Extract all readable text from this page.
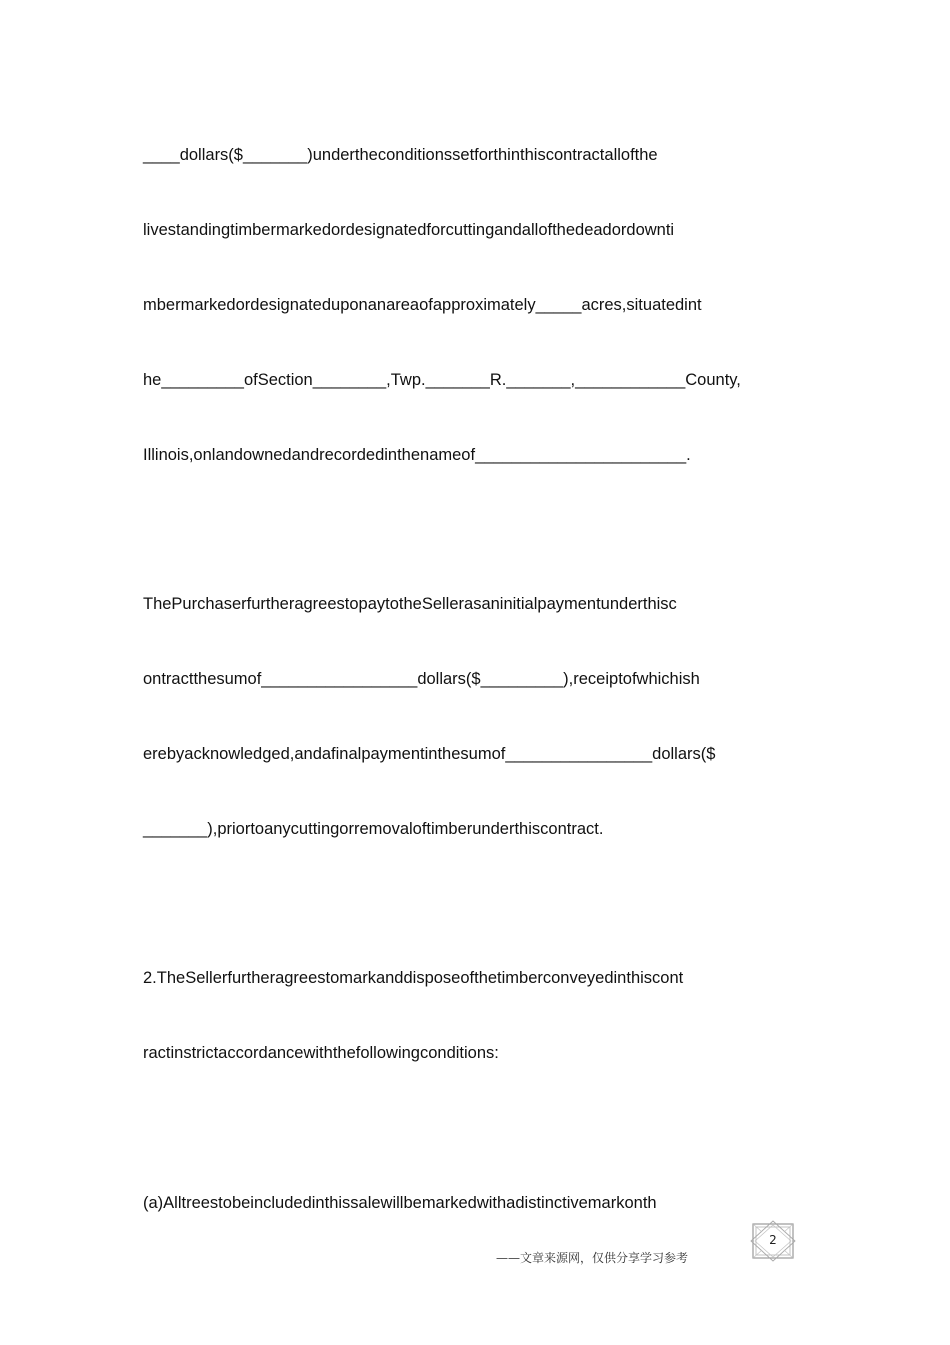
____dollars($_______)undertheconditionssetforthinthiscontractallofthe
livestandingtimbermarkedordesignatedforcuttingandallofthedeadordownti
mbermarkedordesignateduponanareaofapproximately_____acres,situatedint
he_________ofSection________,Twp._______R._______,____________County,
Illinois,onlandownedandrecordedinthenameof_______________________.
ThePurchaserfurtheragreestopaytotheSellerasaninitialpaymentunderthisc
ontractthesumof_________________dollars($_________),receiptofwhichish
erebyacknowledged,andafinalpaymentinthesumof________________dollars($
_______),priortoanycuttingorremovaloftimberunderthiscontract.
2.TheSellerfurtheragreestomarkanddisposeofthetimberconveyedinthiscont
ractinstrictaccordancewiththefollowingconditions:
(a)Alltreestobeincludedinthissalewillbemarkedwithadistinctivemarkonth
2
——文章来源网，仅供分享学习参考
